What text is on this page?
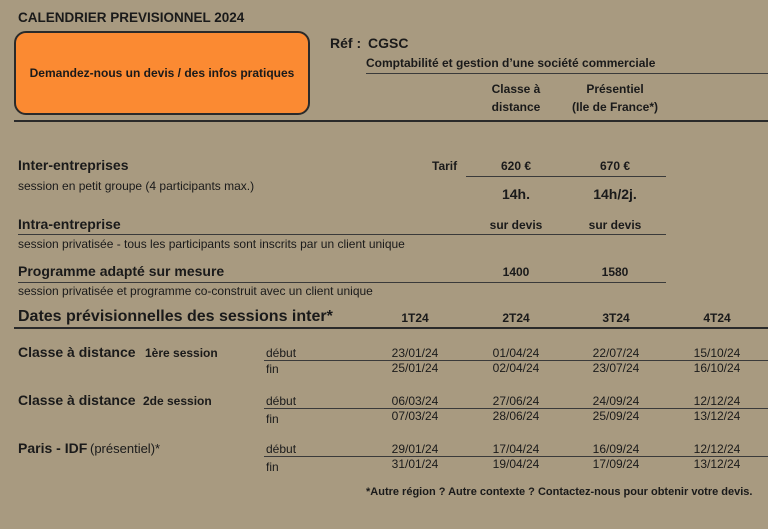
CALENDRIER PREVISIONNEL 2024
Demandez-nous un devis / des infos pratiques
Réf : CGSC
Comptabilité et gestion d’une société commerciale
Classe à
distance
Présentiel
(Ile de France*)
Inter-entreprises
session en petit groupe (4 participants max.)
Tarif	620 €	670 €
14h.	14h/2j.
Intra-entreprise	sur devis	sur devis
session privatisée - tous les participants sont inscrits par un client unique
Programme adapté sur mesure	1400	1580
session privatisée et programme co-construit avec un client unique
Dates prévisionnelles des sessions inter*	1T24	2T24	3T24	4T24
Classe à distance 1ère session	début	23/01/24	01/04/24	22/07/24	15/10/24
fin	25/01/24	02/04/24	23/07/24	16/10/24
Classe à distance 2de session	début	06/03/24	27/06/24	24/09/24	12/12/24
fin	07/03/24	28/06/24	25/09/24	13/12/24
Paris - IDF (présentiel)*	début	29/01/24	17/04/24	16/09/24	12/12/24
fin	31/01/24	19/04/24	17/09/24	13/12/24
*Autre région ? Autre contexte ? Contactez-nous pour obtenir votre devis.
